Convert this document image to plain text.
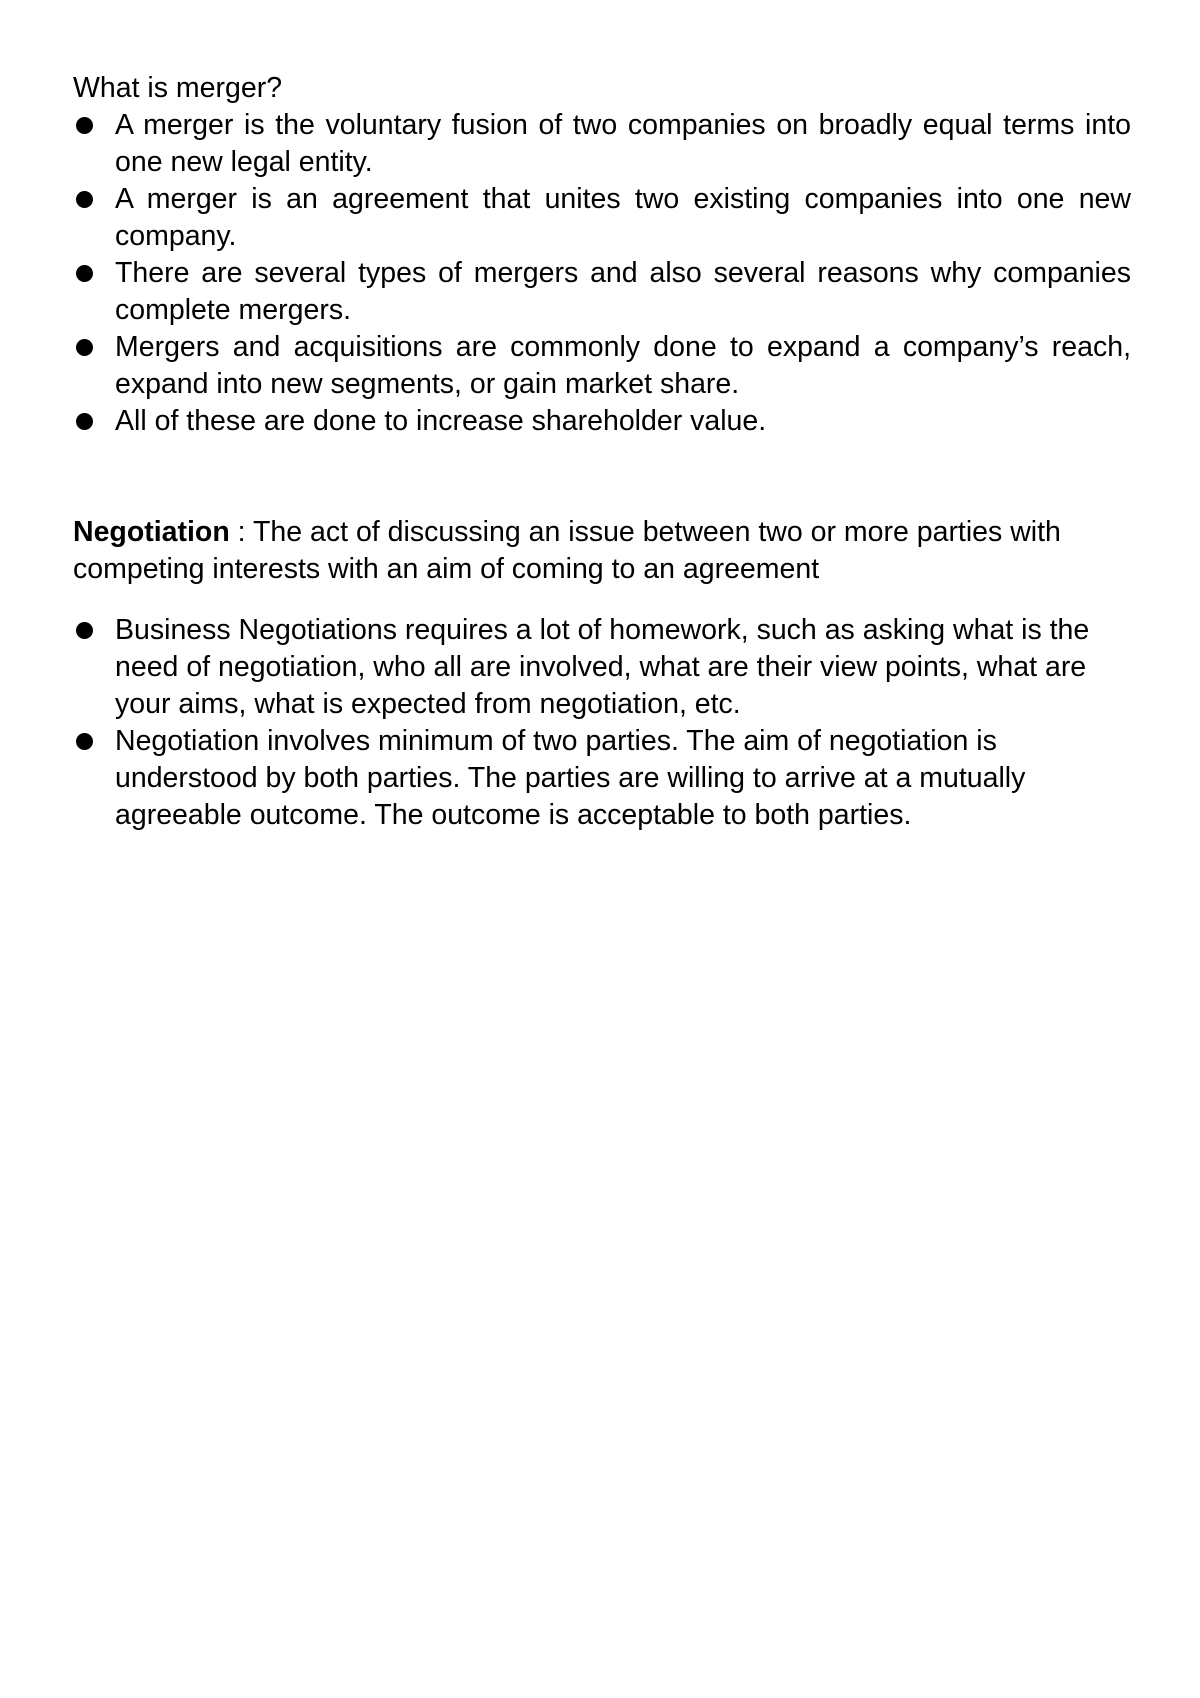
What is merger?

A merger is the voluntary fusion of two companies on broadly equal terms into one new legal entity.
A merger is an agreement that unites two existing companies into one new company.
There are several types of mergers and also several reasons why companies complete mergers.
Mergers and acquisitions are commonly done to expand a company’s reach, expand into new segments, or gain market share.
All of these are done to increase shareholder value.

Negotiation : The act of discussing an issue between two or more parties with competing interests with an aim of coming to an agreement

Business Negotiations requires a lot of homework, such as asking what is the need of negotiation, who all are involved, what are their view points, what are your aims, what is expected from negotiation, etc.
Negotiation involves minimum of two parties. The aim of negotiation is understood by both parties. The parties are willing to arrive at a mutually agreeable outcome. The outcome is acceptable to both parties.
